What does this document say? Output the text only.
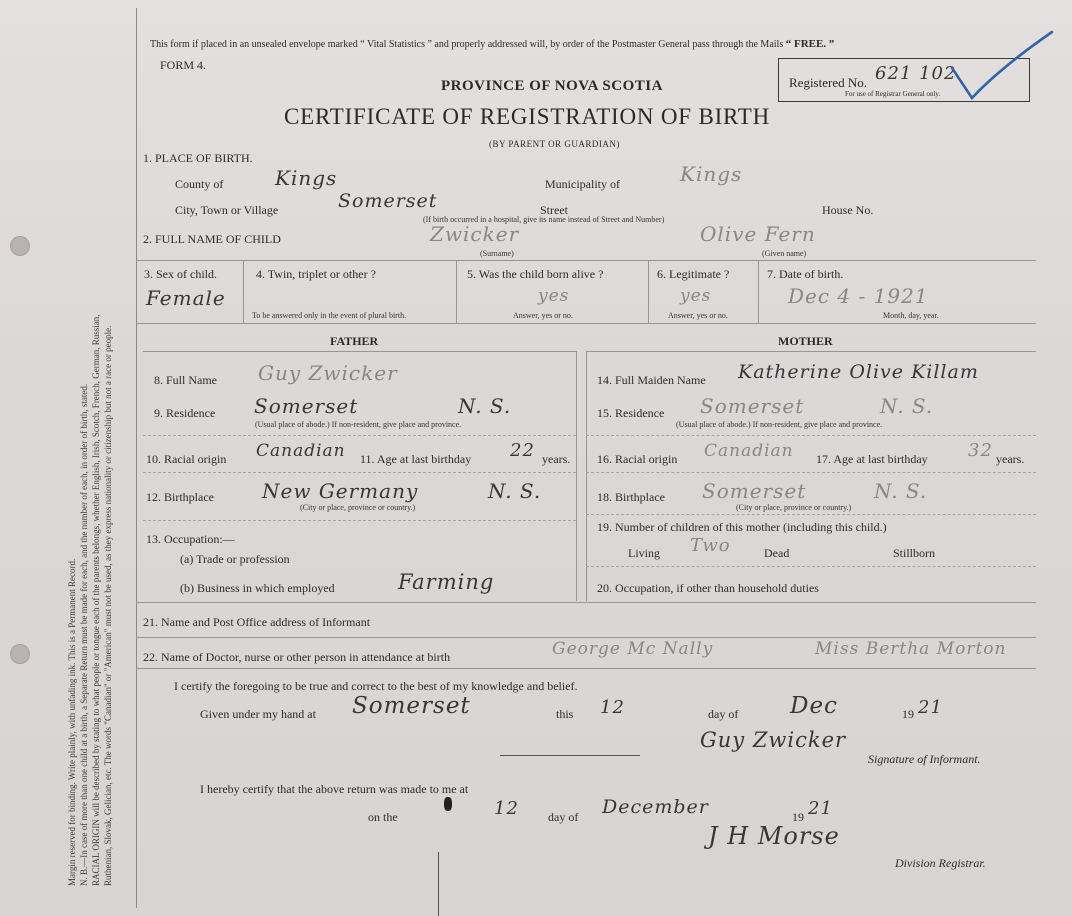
Margin reserved for binding. Write plainly, with unfading ink. This is a Permanent Record. N. B.—In case of more than one child at a birth, a Separate Return must be made for each, and the number of each, in order of birth, stated. RACIAL ORIGIN will be described by stating to what people or tongue each of the parents belongs, whether English, Irish, Scotch, French, German, Russian, Ruthenian, Slovak, Gelician, etc. The words "Canadian" or "American" must not be used, as they express nationality or citizenship but not a race or people.
This form if placed in an unsealed envelope marked “ Vital Statistics ” and properly addressed will, by order of the Postmaster General pass through the Mails “ FREE. ”
FORM 4.
PROVINCE OF NOVA SCOTIA
CERTIFICATE OF REGISTRATION OF BIRTH
(BY PARENT OR GUARDIAN)
Registered No. 621 102
For use of Registrar General only.
1. PLACE OF BIRTH.
County of	Kings	Municipality of	Kings
City, Town or Village	Somerset	Street	House No.
(If birth occurred in a hospital, give its name instead of Street and Number)
2. FULL NAME OF CHILD	Zwicker	Olive Fern
(Surname)	(Given name)
3. Sex of child.
Female
4. Twin, triplet or other ?
To be answered only in the event of plural birth.
5. Was the child born alive ?
yes
Answer, yes or no.
6. Legitimate ?
yes
Answer, yes or no.
7. Date of birth.
Dec 4 - 1921
Month, day, year.
FATHER	MOTHER
8. Full Name Guy Zwicker
9. Residence Somerset	N. S.
(Usual place of abode.) If non-resident, give place and province.
10. Racial origin Canadian 11. Age at last birthday 22 years.
12. Birthplace New Germany	N. S.
(City or place, province or country.)
13. Occupation:—
(a) Trade or profession
(b) Business in which employed	Farming
14. Full Maiden Name Katherine Olive Killam
15. Residence Somerset	N. S.
(Usual place of abode.) If non-resident, give place and province.
16. Racial origin Canadian 17. Age at last birthday 32 years.
18. Birthplace Somerset	N. S.
(City or place, province or country.)
19. Number of children of this mother (including this child.)
Living Two	Dead	Stillborn
20. Occupation, if other than household duties
21. Name and Post Office address of Informant
22. Name of Doctor, nurse or other person in attendance at birth	George Mc Nally	Miss Bertha Morton
I certify the foregoing to be true and correct to the best of my knowledge and belief.
Given under my hand at Somerset	this 12	day of Dec	19 21
Guy Zwicker
Signature of Informant.
I hereby certify that the above return was made to me at
on the	12 day of December	19 21
J H Morse
Division Registrar.
